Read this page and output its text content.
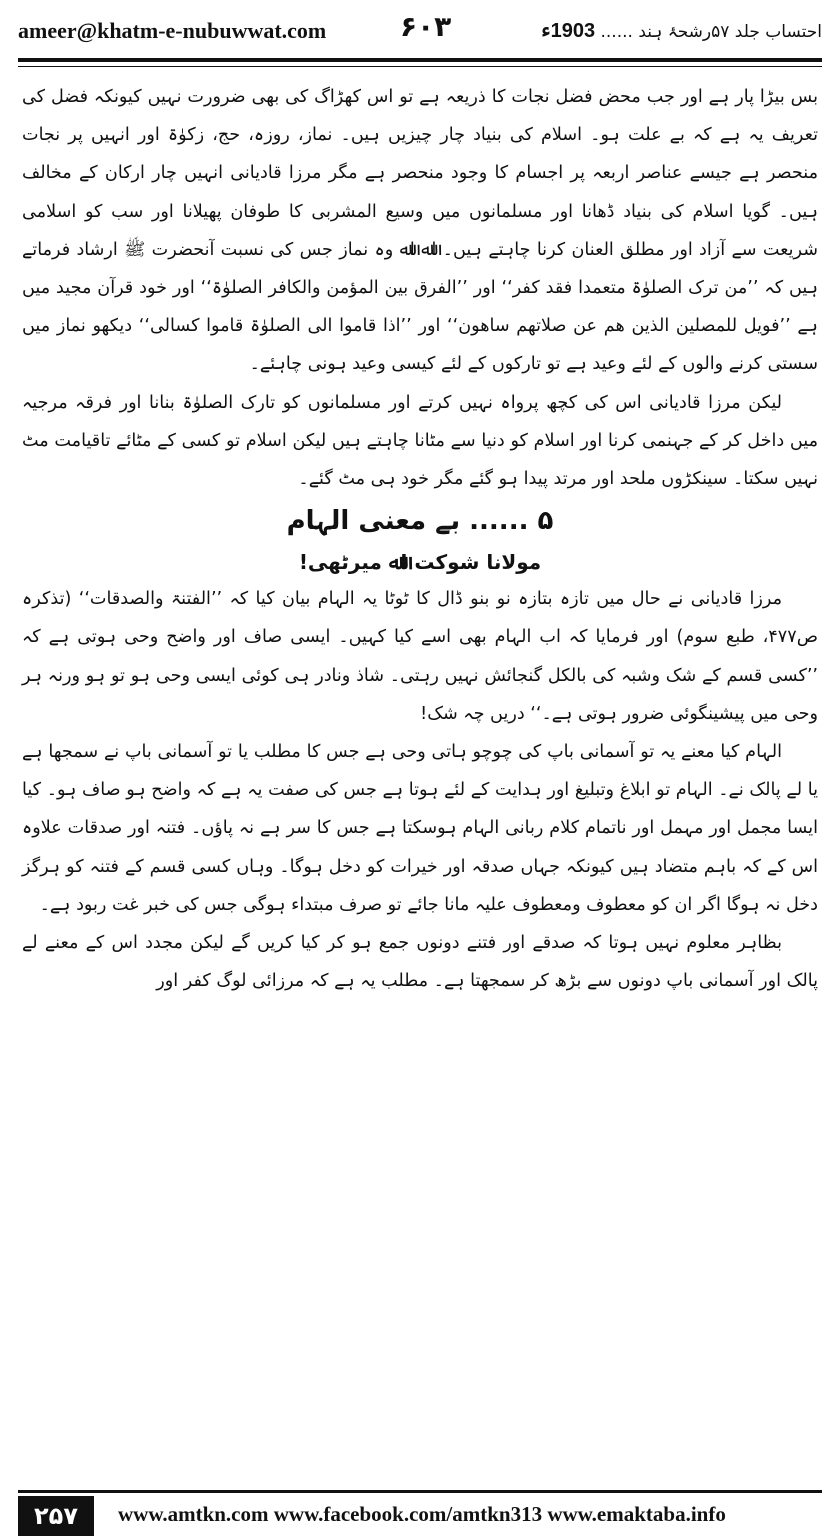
ameer@khatm-e-nubuwwat.com	۶۰۳	احتساب جلد ۵۷رشحۂ ہند ...... 1903ء

بس بیڑا پار ہے اور جب محض فضل نجات کا ذریعہ ہے تو اس کھڑاگ کی بھی ضرورت نہیں کیونکہ فضل کی تعریف یہ ہے کہ بے علت ہو۔ اسلام کی بنیاد چار چیزیں ہیں۔ نماز، روزہ، حج، زکوٰۃ اور انہیں پر نجات منحصر ہے جیسے عناصر اربعہ پر اجسام کا وجود منحصر ہے مگر مرزا قادیانی انہیں چار ارکان کے مخالف ہیں۔ گویا اسلام کی بنیاد ڈھانا اور مسلمانوں میں وسیع المشربی کا طوفان پھیلانا اور سب کو اسلامی شریعت سے آزاد اور مطلق العنان کرنا چاہتے ہیں۔ اﷲ اﷲ وہ نماز جس کی نسبت آنحضرت ﷺ ارشاد فرماتے ہیں کہ ’’من ترک الصلوٰۃ متعمدا فقد کفر‘‘ اور ’’الفرق بین المؤمن والکافر الصلوٰۃ‘‘ اور خود قرآن مجید میں ہے ’’فویل للمصلین الذین ھم عن صلاتھم ساھون‘‘ اور ’’اذا قاموا الی الصلوٰۃ قاموا کسالی‘‘ دیکھو نماز میں سستی کرنے والوں کے لئے وعید ہے تو تارکوں کے لئے کیسی وعید ہونی چاہئے۔

لیکن مرزا قادیانی اس کی کچھ پرواہ نہیں کرتے اور مسلمانوں کو تارک الصلوٰۃ بنانا اور فرقہ مرجیہ میں داخل کر کے جہنمی کرنا اور اسلام کو دنیا سے مٹانا چاہتے ہیں لیکن اسلام تو کسی کے مٹائے تاقیامت مٹ نہیں سکتا۔ سینکڑوں ملحد اور مرتد پیدا ہو گئے مگر خود ہی مٹ گئے۔

۵ ...... بے معنی الہام
مولانا شوکت اﷲ میرٹھی!

مرزا قادیانی نے حال میں تازہ بتازہ نو بنو ڈال کا ٹوٹا یہ الہام بیان کیا کہ ’’الفتنۃ والصدقات‘‘ (تذکرہ ص۴۷۷، طبع سوم) اور فرمایا کہ اب الہام بھی اسے کیا کہیں۔ ایسی صاف اور واضح وحی ہوتی ہے کہ ’’کسی قسم کے شک وشبہ کی بالکل گنجائش نہیں رہتی۔ شاذ ونادر ہی کوئی ایسی وحی ہو تو ہو ورنہ ہر وحی میں پیشینگوئی ضرور ہوتی ہے۔‘‘ دریں چہ شک!

الہام کیا معنے یہ تو آسمانی باپ کی چوچو ہاتی وحی ہے جس کا مطلب یا تو آسمانی باپ نے سمجھا ہے یا لے پالک نے۔ الہام تو ابلاغ وتبلیغ اور ہدایت کے لئے ہوتا ہے جس کی صفت یہ ہے کہ واضح ہو صاف ہو۔ کیا ایسا مجمل اور مہمل اور ناتمام کلام ربانی الہام ہوسکتا ہے جس کا سر ہے نہ پاؤں۔ فتنہ اور صدقات علاوہ اس کے کہ باہم متضاد ہیں کیونکہ جہاں صدقہ اور خیرات کو دخل ہوگا۔ وہاں کسی قسم کے فتنہ کو ہرگز دخل نہ ہوگا اگر ان کو معطوف ومعطوف علیہ مانا جائے تو صرف مبتداء ہوگی جس کی خبر غت ربود ہے۔

بظاہر معلوم نہیں ہوتا کہ صدقے اور فتنے دونوں جمع ہو کر کیا کریں گے لیکن مجدد اس کے معنے لے پالک اور آسمانی باپ دونوں سے بڑھ کر سمجھتا ہے۔ مطلب یہ ہے کہ مرزائی لوگ کفر اور

۲۵۷	www.amtkn.com www.facebook.com/amtkn313 www.emaktaba.info
